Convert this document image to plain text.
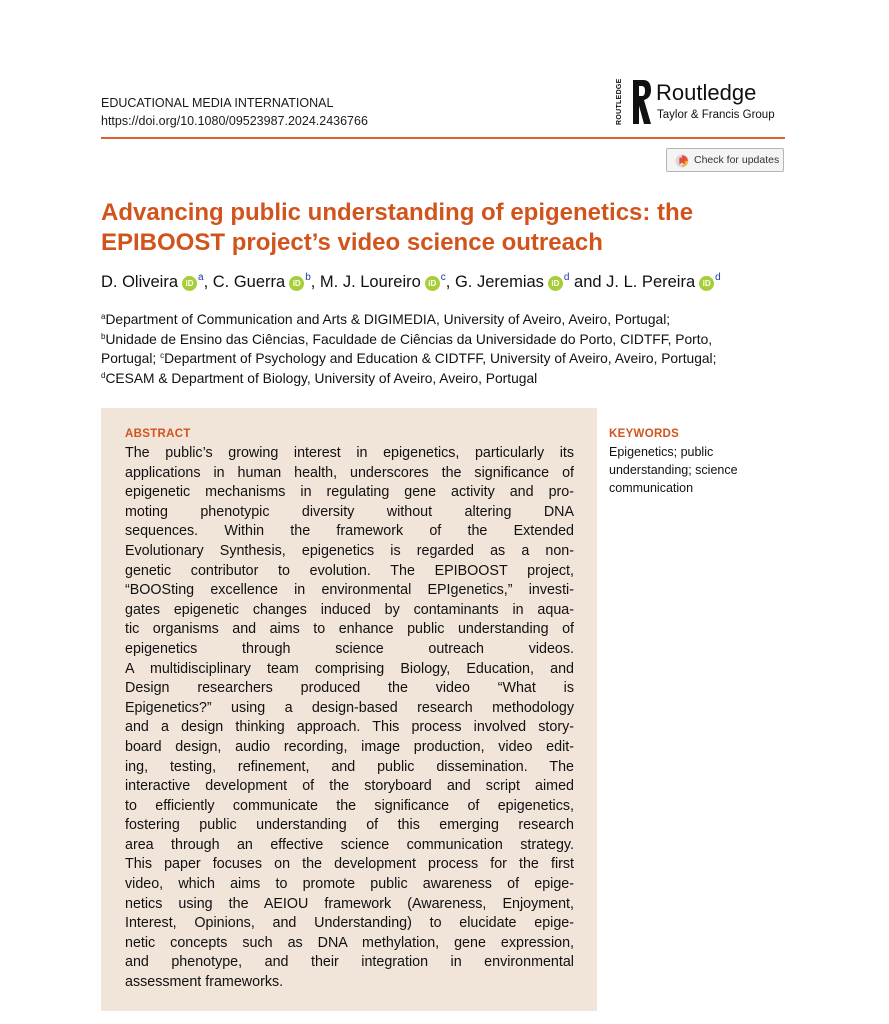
EDUCATIONAL MEDIA INTERNATIONAL
https://doi.org/10.1080/09523987.2024.2436766	ROUTLEDGE Routledge
Taylor & Francis Group
Check for updates
Advancing public understanding of epigenetics: the
EPIBOOST project’s video science outreach
D. Oliveira $iD^a$, C. Guerra $iD^b$, M. J. Loureiro $iD^c$, G. Jeremias $iD^d$ and J. L. Pereira $iD^d$
$^a$Department of Communication and Arts & DIGIMEDIA, University of Aveiro, Aveiro, Portugal;
$^b$Unidade de Ensino das Ciências, Faculdade de Ciências da Universidade do Porto, CIDTFF, Porto,
Portugal; $^c$Department of Psychology and Education & CIDTFF, University of Aveiro, Aveiro, Portugal;
$^d$CESAM & Department of Biology, University of Aveiro, Aveiro, Portugal
ABSTRACT
The public’s growing interest in epigenetics, particularly its
applications in human health, underscores the significance of
epigenetic mechanisms in regulating gene activity and pro-
moting phenotypic diversity without altering DNA
sequences. Within the framework of the Extended
Evolutionary Synthesis, epigenetics is regarded as a non-
genetic contributor to evolution. The EPIBOOST project,
“BOOSting excellence in environmental EPIgenetics,” investi-
gates epigenetic changes induced by contaminants in aqua-
tic organisms and aims to enhance public understanding of
epigenetics through science outreach videos.
A multidisciplinary team comprising Biology, Education, and
Design researchers produced the video “What is
Epigenetics?” using a design-based research methodology
and a design thinking approach. This process involved story-
board design, audio recording, image production, video edit-
ing, testing, refinement, and public dissemination. The
interactive development of the storyboard and script aimed
to efficiently communicate the significance of epigenetics,
fostering public understanding of this emerging research
area through an effective science communication strategy.
This paper focuses on the development process for the first
video, which aims to promote public awareness of epige-
netics using the AEIOU framework (Awareness, Enjoyment,
Interest, Opinions, and Understanding) to elucidate epige-
netic concepts such as DNA methylation, gene expression,
and phenotype, and their integration in environmental
assessment frameworks.
KEYWORDS
Epigenetics; public
understanding; science
communication
